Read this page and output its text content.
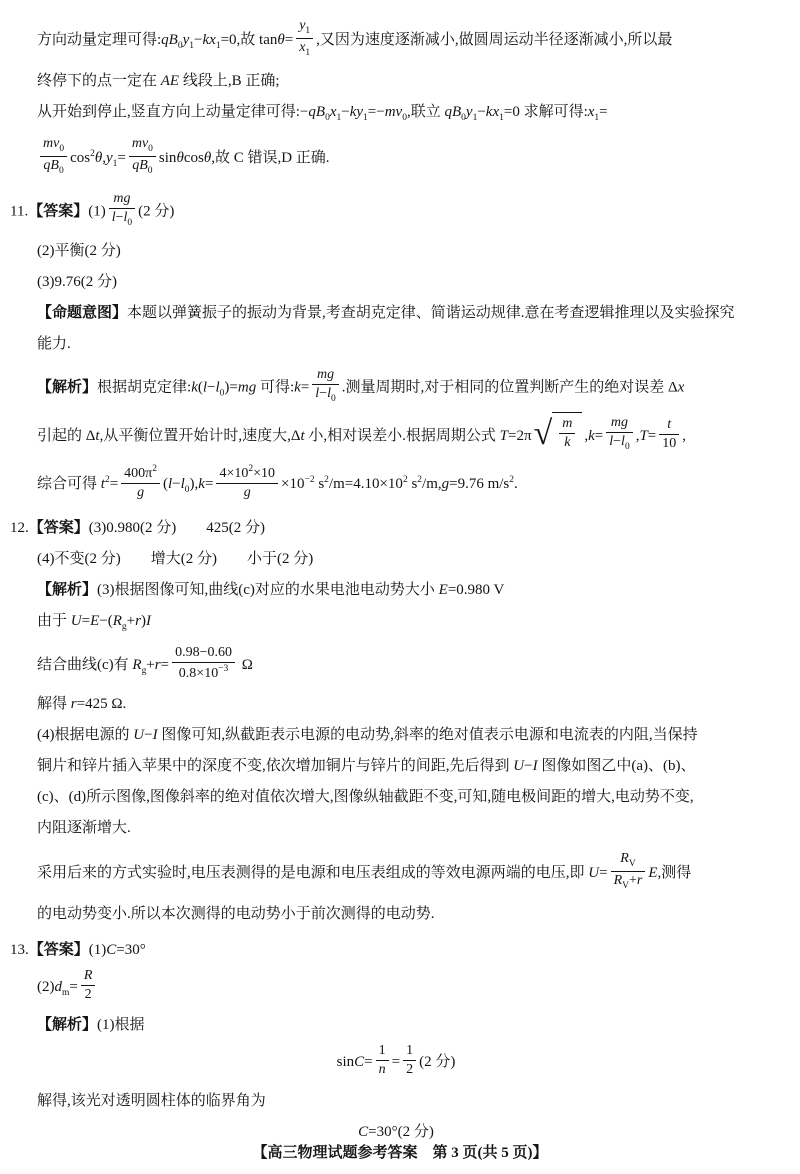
方向动量定理可得$:qB_0y_1-kx_1=0$,故 $\tan\theta= \frac{y_1}{x_1}$ ,又因为速度逐渐减小,做圆周运动半径逐渐减小,所以最
终停下的点一定在 AE 线段上,B 正确;
从开始到停止,竖直方向上动量定律可得$:-qB_0x_1-ky_1=-mv_0$,联立 $qB_0y_1-kx_1=0$ 求解可得$:x_1=$
$\frac{mv_0}{qB_0} \cos^2\theta,y_1= \frac{mv_0}{qB_0} \sin\theta\cos\theta$,故 C 错误,D 正确.
11.【答案】$(1) \frac{mg}{l-l_0} (2$ 分)
(2)平衡(2 分)
(3)9.76(2 分)
【命题意图】本题以弹簧振子的振动为背景,考查胡克定律、简谐运动规律.意在考查逻辑推理以及实验探究
能力.
【解析】根据胡克定律$:k(l-l_0)=mg$ 可得:k= $\frac{mg}{l-l_0}$ .测量周期时,对于相同的位置判断产生的绝对误差 Δx
引起的 Δt,从平衡位置开始计时,速度大,Δt 小,相对误差小.根据周期公式 T=2π √ $\frac{m}{k} ,k= \frac{mg}{l-l_0} ,T= \frac{t}{10}$ ,
综合可得 $t^2= \frac{400\pi^2}{g} (l-l_0),k= \frac{4\times 10^2\times 10}{g} \times 10^{-2}$ $s^2/m=4.10\times 10^2$ $s^2/m,g=9.76$ $m/s^2$.
12.【答案】(3)0.980(2 分)　　425(2 分)
(4)不变(2 分)　　增大(2 分)　　小于(2 分)
【解析】(3)根据图像可知,曲线(c)对应的水果电池电动势大小 E=0.980 V
由于 $U=E-(R_g+r)I$
结合曲线(c)有 $R_g+r= \frac{0.98-0.60}{0.8\times 10^{-3}}$ Ω
解得 r=425 Ω.
(4)根据电源的 U−I 图像可知,纵截距表示电源的电动势,斜率的绝对值表示电源和电流表的内阻,当保持
铜片和锌片插入苹果中的深度不变,依次增加铜片与锌片的间距,先后得到 U−I 图像如图乙中(a)、(b)、
(c)、(d)所示图像,图像斜率的绝对值依次增大,图像纵轴截距不变,可知,随电极间距的增大,电动势不变,
内阻逐渐增大.
采用后来的方式实验时,电压表测得的是电源和电压表组成的等效电源两端的电压,即 $U= \frac{R_V}{R_V+r} E$,测得
的电动势变小.所以本次测得的电动势小于前次测得的电动势.
13.【答案】(1)C=30°
$(2)d_m= \frac{R}{2}$
【解析】(1)根据
$\sin C= \frac{1}{n} = \frac{1}{2} (2$ 分)
解得,该光对透明圆柱体的临界角为
C=30°(2 分)
【高三物理试题参考答案　第 3 页(共 5 页)】
